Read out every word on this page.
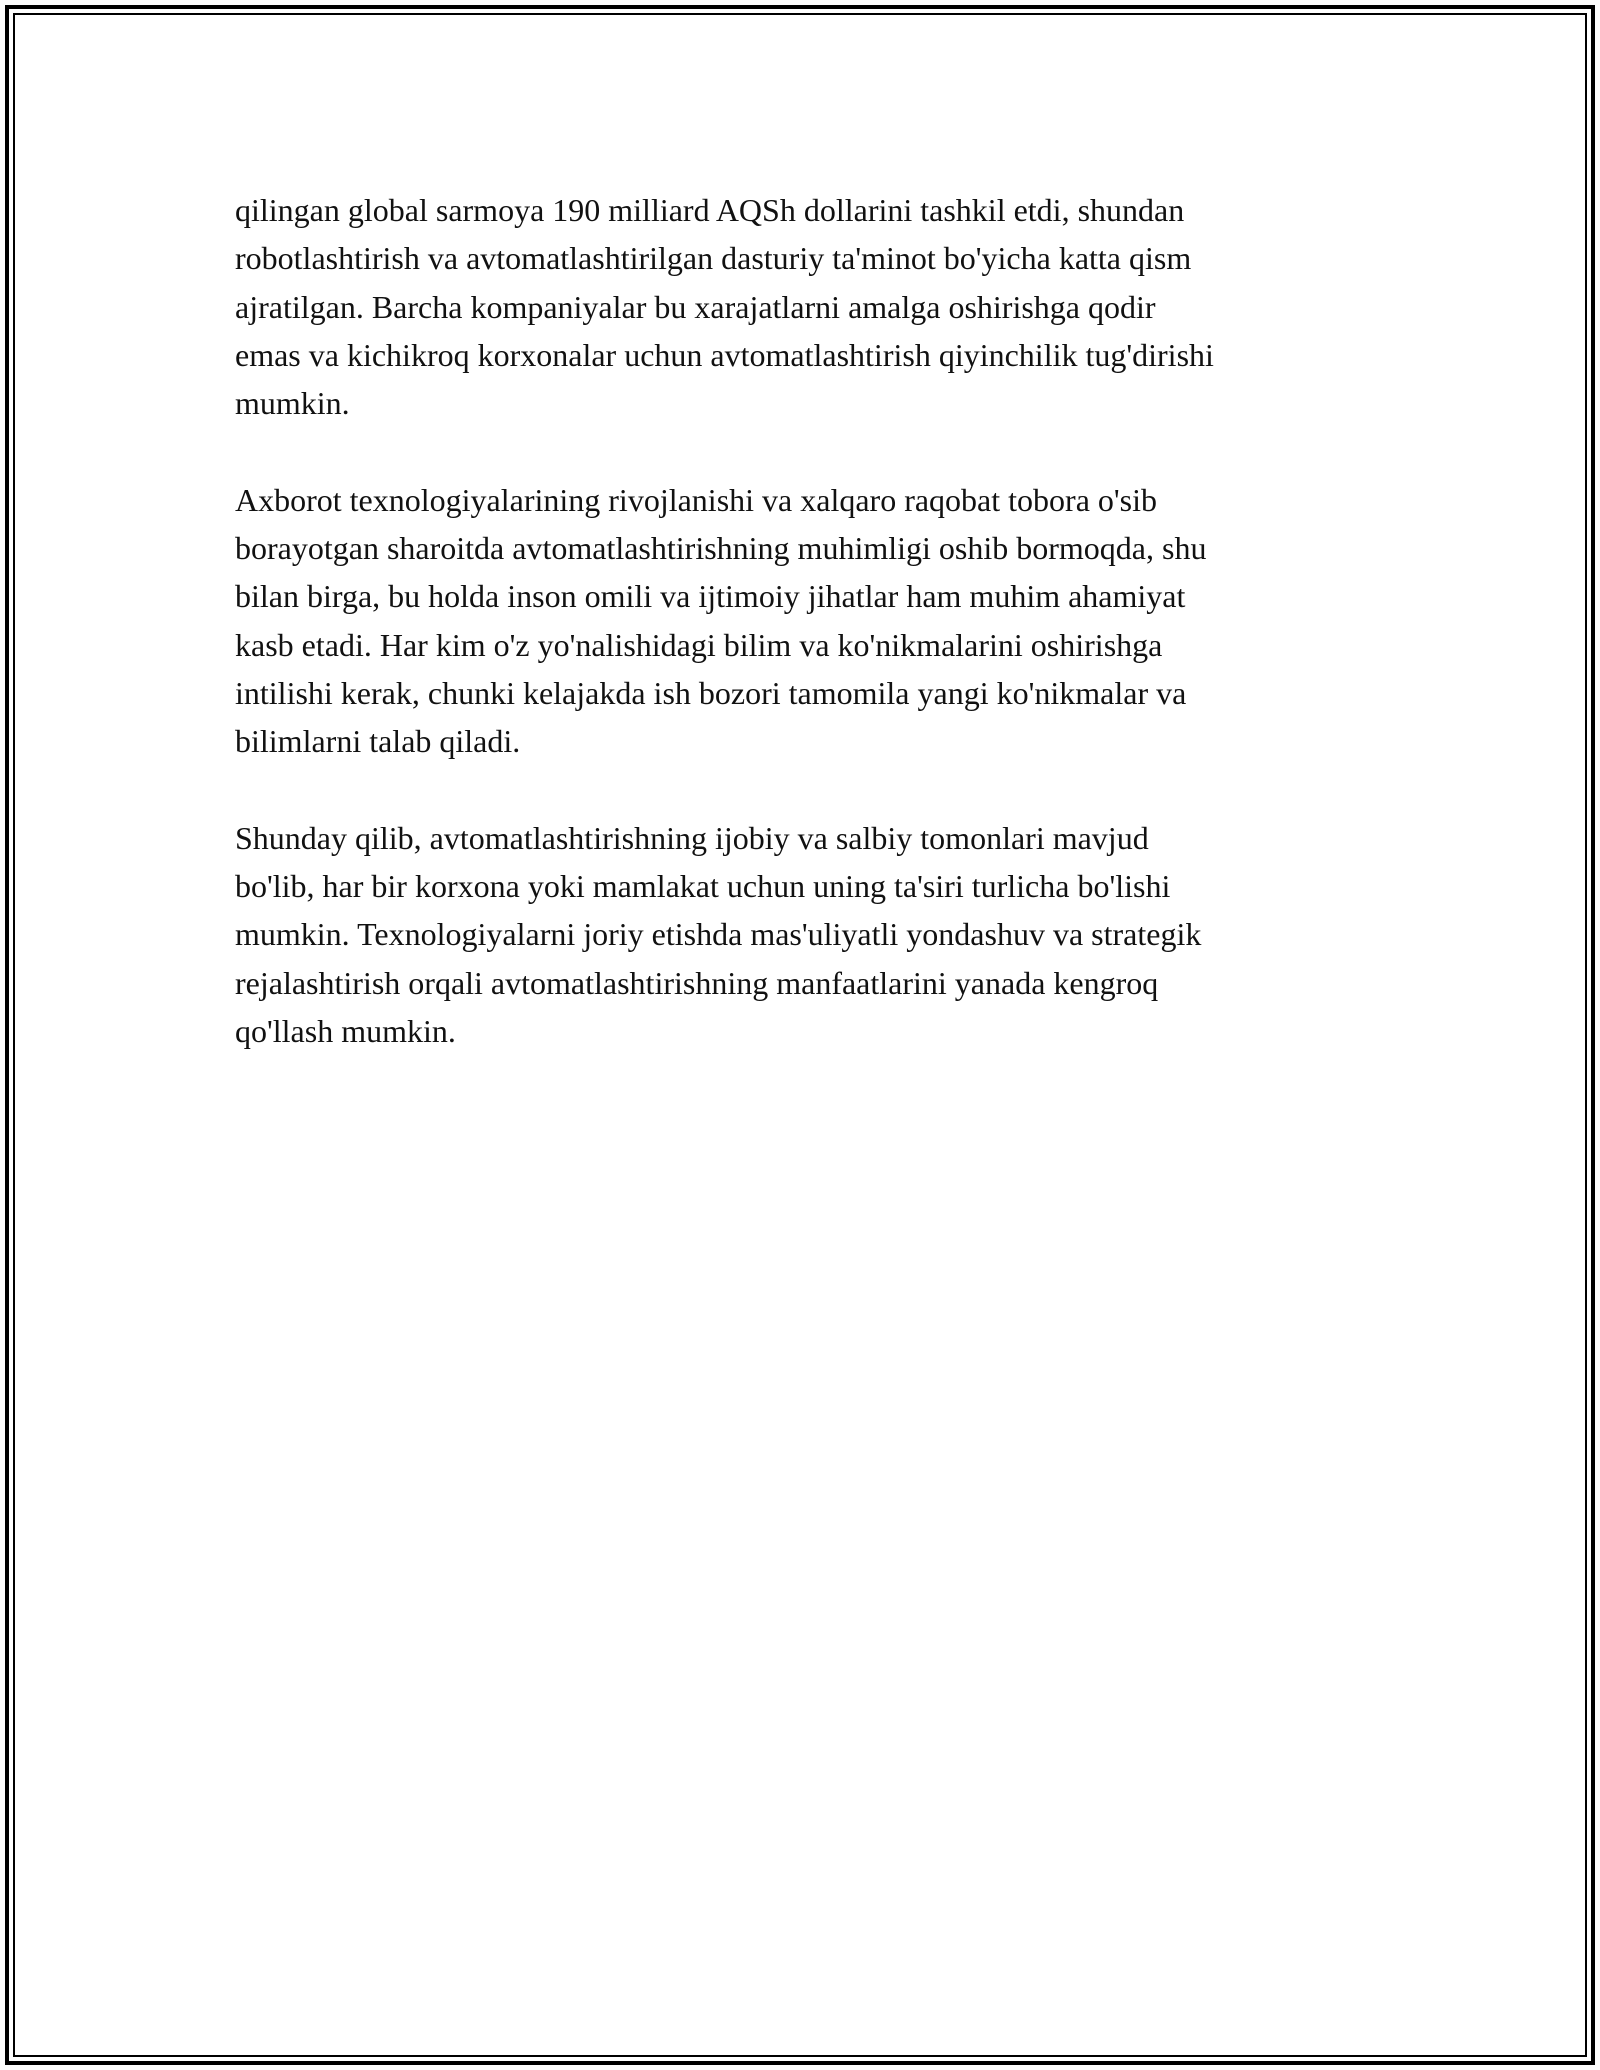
qilingan global sarmoya 190 milliard AQSh dollarini tashkil etdi, shundan
robotlashtirish va avtomatlashtirilgan dasturiy ta'minot bo'yicha katta qism
ajratilgan. Barcha kompaniyalar bu xarajatlarni amalga oshirishga qodir
emas va kichikroq korxonalar uchun avtomatlashtirish qiyinchilik tug'dirishi
mumkin.

Axborot texnologiyalarining rivojlanishi va xalqaro raqobat tobora o'sib
borayotgan sharoitda avtomatlashtirishning muhimligi oshib bormoqda, shu
bilan birga, bu holda inson omili va ijtimoiy jihatlar ham muhim ahamiyat
kasb etadi. Har kim o'z yo'nalishidagi bilim va ko'nikmalarini oshirishga
intilishi kerak, chunki kelajakda ish bozori tamomila yangi ko'nikmalar va
bilimlarni talab qiladi.

Shunday qilib, avtomatlashtirishning ijobiy va salbiy tomonlari mavjud
bo'lib, har bir korxona yoki mamlakat uchun uning ta'siri turlicha bo'lishi
mumkin. Texnologiyalarni joriy etishda mas'uliyatli yondashuv va strategik
rejalashtirish orqali avtomatlashtirishning manfaatlarini yanada kengroq
qo'llash mumkin.
